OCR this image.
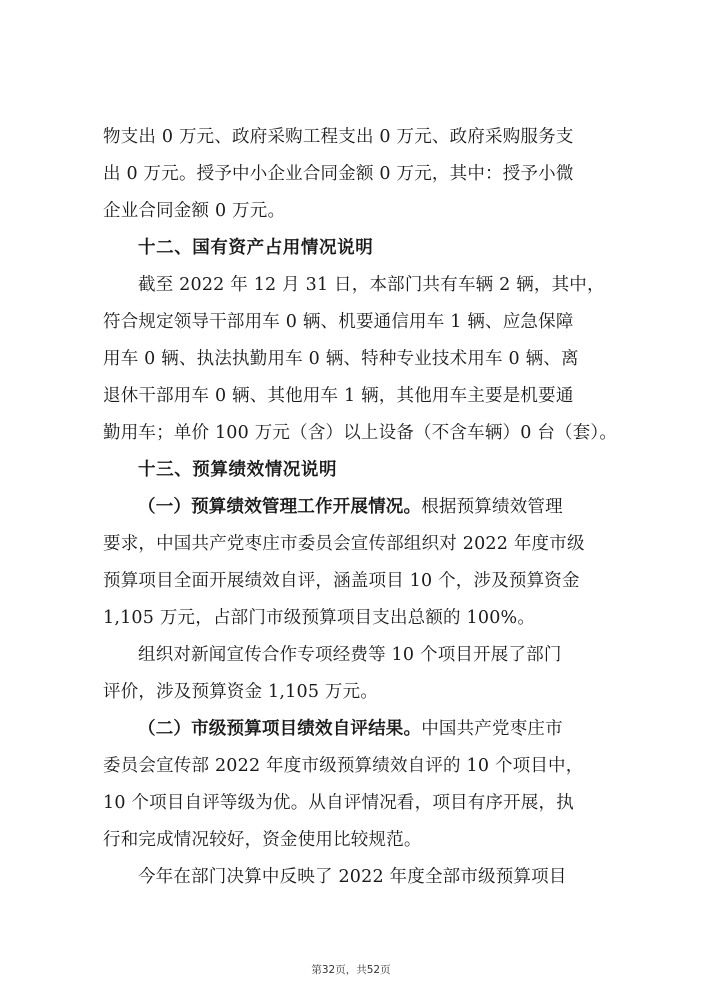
物支出 0 万元、政府采购工程支出 0 万元、政府采购服务支
出 0 万元。授予中小企业合同金额 0 万元，其中：授予小微
企业合同金额 0 万元。
十二、国有资产占用情况说明
截至 2022 年 12 月 31 日，本部门共有车辆 2 辆，其中，
符合规定领导干部用车 0 辆、机要通信用车 1 辆、应急保障
用车 0 辆、执法执勤用车 0 辆、特种专业技术用车 0 辆、离
退休干部用车 0 辆、其他用车 1 辆，其他用车主要是机要通
勤用车；单价 100 万元（含）以上设备（不含车辆）0 台（套）。
十三、预算绩效情况说明
（一）预算绩效管理工作开展情况。根据预算绩效管理
要求，中国共产党枣庄市委员会宣传部组织对 2022 年度市级
预算项目全面开展绩效自评，涵盖项目 10 个，涉及预算资金
1,105 万元，占部门市级预算项目支出总额的 100%。
组织对新闻宣传合作专项经费等 10 个项目开展了部门
评价，涉及预算资金 1,105 万元。
（二）市级预算项目绩效自评结果。中国共产党枣庄市
委员会宣传部 2022 年度市级预算绩效自评的 10 个项目中，
10 个项目自评等级为优。从自评情况看，项目有序开展，执
行和完成情况较好，资金使用比较规范。
今年在部门决算中反映了 2022 年度全部市级预算项目
第32页，共52页
